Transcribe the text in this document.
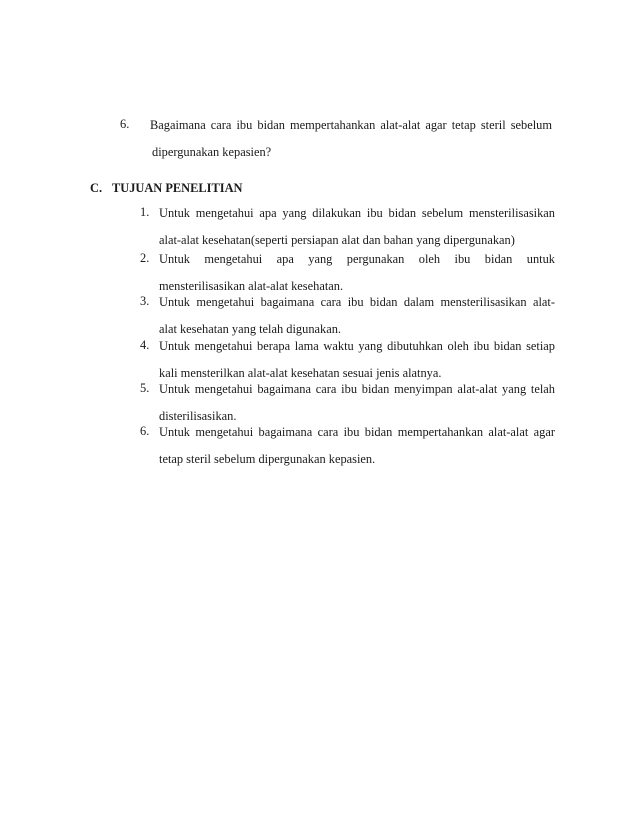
6. Bagaimana cara ibu bidan mempertahankan alat-alat agar tetap steril sebelum
dipergunakan kepasien?
C. TUJUAN PENELITIAN
1. Untuk mengetahui apa yang dilakukan ibu bidan sebelum mensterilisasikan
alat-alat kesehatan(seperti persiapan alat dan bahan yang dipergunakan)
2. Untuk mengetahui apa yang pergunakan oleh ibu bidan untuk
mensterilisasikan alat-alat kesehatan.
3. Untuk mengetahui bagaimana cara ibu bidan dalam mensterilisasikan alat-
alat kesehatan yang telah digunakan.
4. Untuk mengetahui berapa lama waktu yang dibutuhkan oleh ibu bidan setiap
kali mensterilkan alat-alat kesehatan sesuai jenis alatnya.
5. Untuk mengetahui bagaimana cara ibu bidan menyimpan alat-alat yang telah
disterilisasikan.
6. Untuk mengetahui bagaimana cara ibu bidan mempertahankan alat-alat agar
tetap steril sebelum dipergunakan kepasien.
